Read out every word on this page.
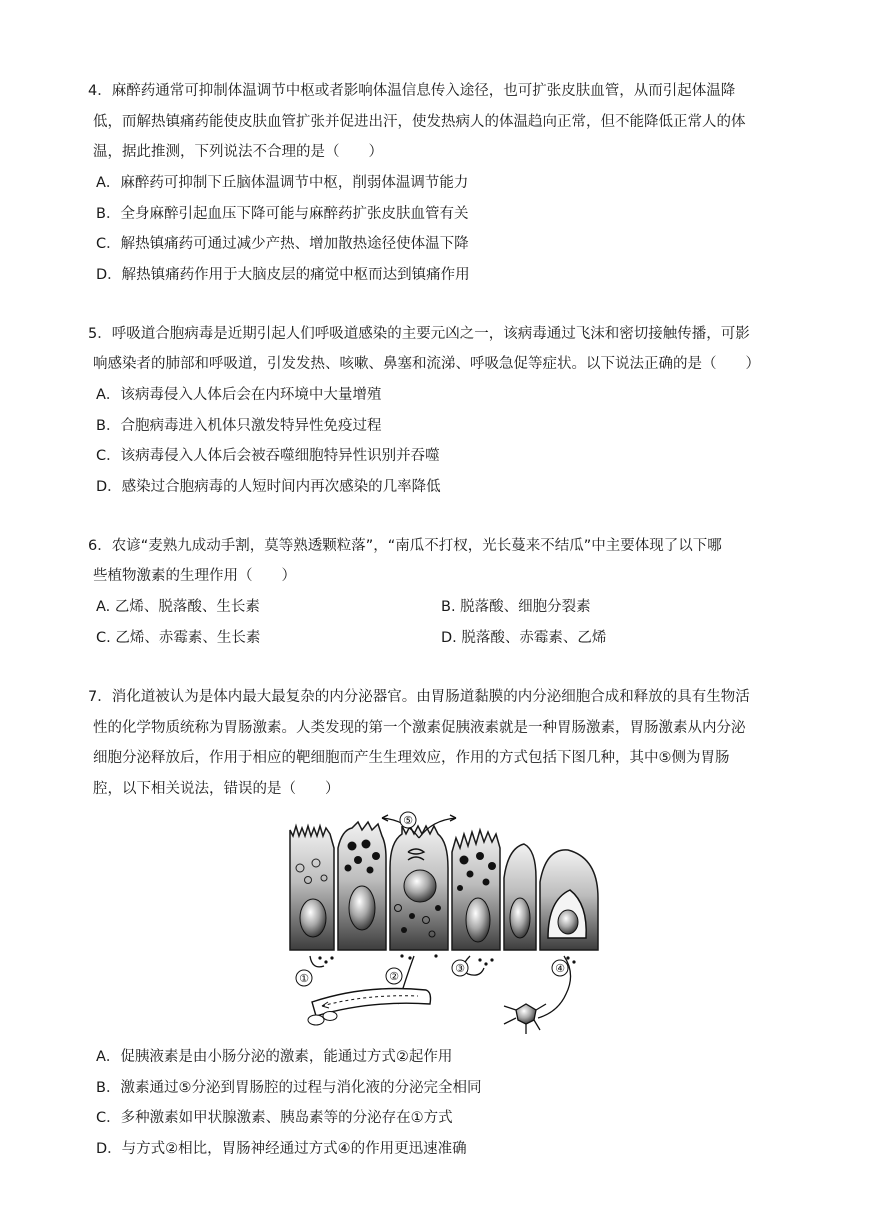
4．麻醉药通常可抑制体温调节中枢或者影响体温信息传入途径，也可扩张皮肤血管，从而引起体温降

低，而解热镇痛药能使皮肤血管扩张并促进出汗，使发热病人的体温趋向正常，但不能降低正常人的体

温，据此推测，下列说法不合理的是（　　）

A．麻醉药可抑制下丘脑体温调节中枢，削弱体温调节能力
B．全身麻醉引起血压下降可能与麻醉药扩张皮肤血管有关
C．解热镇痛药可通过减少产热、增加散热途径使体温下降
D．解热镇痛药作用于大脑皮层的痛觉中枢而达到镇痛作用

5．呼吸道合胞病毒是近期引起人们呼吸道感染的主要元凶之一，该病毒通过飞沫和密切接触传播，可影

响感染者的肺部和呼吸道，引发发热、咳嗽、鼻塞和流涕、呼吸急促等症状。以下说法正确的是（　　）

A．该病毒侵入人体后会在内环境中大量增殖
B．合胞病毒进入机体只激发特异性免疫过程
C．该病毒侵入人体后会被吞噬细胞特异性识别并吞噬
D．感染过合胞病毒的人短时间内再次感染的几率降低

6．农谚“麦熟九成动手割，莫等熟透颗粒落”，“南瓜不打杈，光长蔓来不结瓜”中主要体现了以下哪

些植物激素的生理作用（　　）

A. 乙烯、脱落酸、生长素	B. 脱落酸、细胞分裂素
C. 乙烯、赤霉素、生长素	D. 脱落酸、赤霉素、乙烯

7．消化道被认为是体内最大最复杂的内分泌器官。由胃肠道黏膜的内分泌细胞合成和释放的具有生物活

性的化学物质统称为胃肠激素。人类发现的第一个激素促胰液素就是一种胃肠激素，胃肠激素从内分泌

细胞分泌释放后，作用于相应的靶细胞而产生生理效应，作用的方式包括下图几种，其中⑤侧为胃肠

腔，以下相关说法，错误的是（　　）

⑤
①	②
③	④
A．促胰液素是由小肠分泌的激素，能通过方式②起作用
B．激素通过⑤分泌到胃肠腔的过程与消化液的分泌完全相同
C．多种激素如甲状腺激素、胰岛素等的分泌存在①方式
D．与方式②相比，胃肠神经通过方式④的作用更迅速准确
